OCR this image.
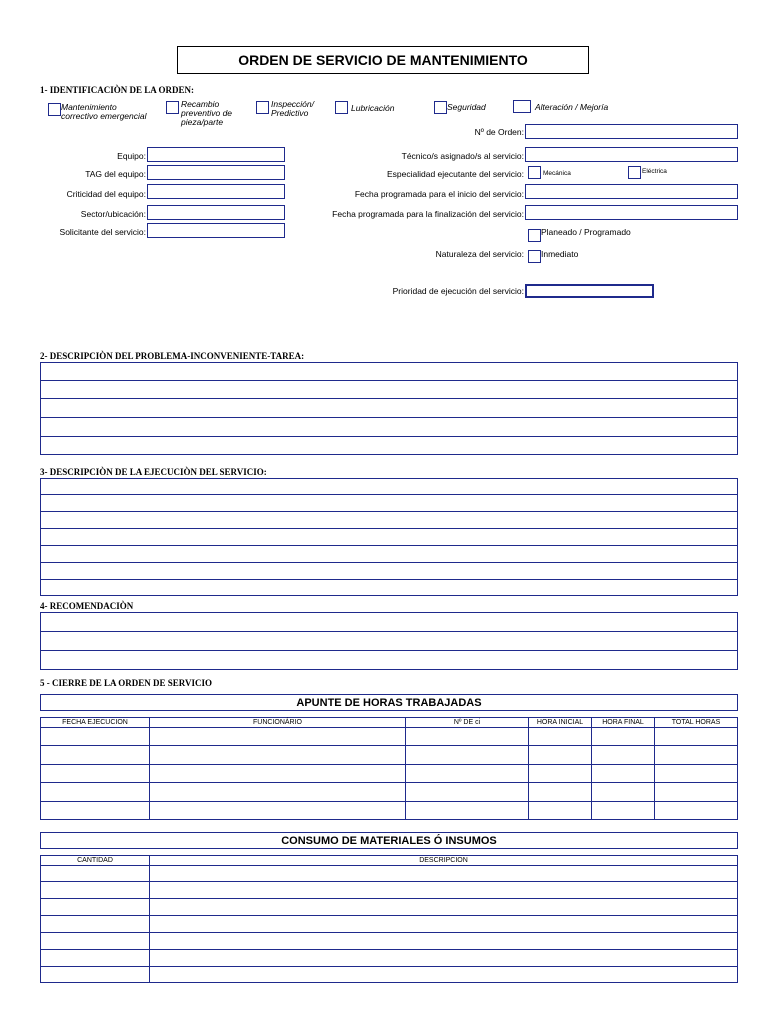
ORDEN DE SERVICIO DE MANTENIMIENTO
1- IDENTIFICACIÒN DE LA ORDEN:
Mantenimiento
correctivo emergencial
Recambio
preventivo de
pieza/parte
Inspección/
Predictivo	Lubricación	Seguridad	Alteración / Mejoría
Nº de Orden:
Equipo:
TAG del equipo:
Criticidad del equipo:
Sector/ubicación:
Solicitante del servicio:
Técnico/s asignado/s al servicio:
Especialidad ejecutante del servicio:	Mecánica	Eléctrica
Fecha programada para el inicio del servicio:
Fecha programada para la finalización del servicio:
Planeado / Programado
Naturaleza del servicio: Inmediato
Prioridad de ejecución del servicio:
2- DESCRIPCIÒN DEL PROBLEMA-INCONVENIENTE-TAREA:

3- DESCRIPCIÒN DE LA EJECUCIÒN DEL SERVICIO:

4- RECOMENDACIÒN

5 - CIERRE DE LA ORDEN DE SERVICIO
APUNTE DE HORAS TRABAJADAS
FECHA EJECUCION	FUNCIONÁRIO	Nº DE ci	HORA INICIAL	HORA FINAL	TOTAL HORAS

CONSUMO DE MATERIALES Ó INSUMOS
CANTIDAD	DESCRIPCION
